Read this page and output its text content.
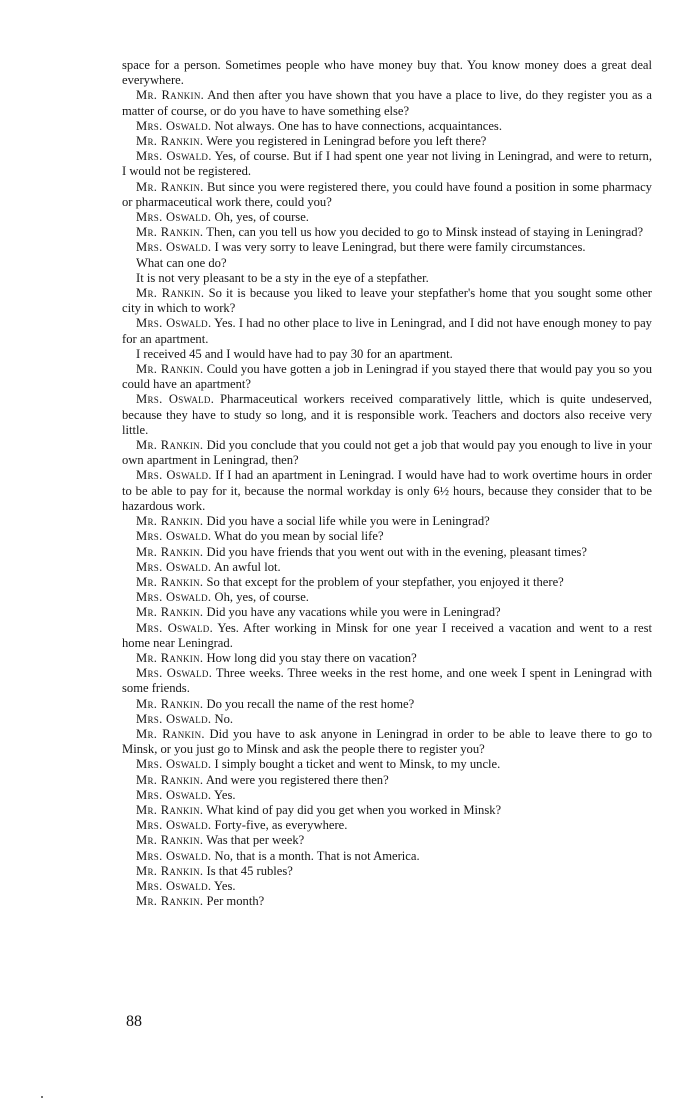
space for a person. Sometimes people who have money buy that. You know money does a great deal everywhere.

Mr. Rankin. And then after you have shown that you have a place to live, do they register you as a matter of course, or do you have to have something else?

Mrs. Oswald. Not always. One has to have connections, acquaintances.

Mr. Rankin. Were you registered in Leningrad before you left there?

Mrs. Oswald. Yes, of course. But if I had spent one year not living in Leningrad, and were to return, I would not be registered.

Mr. Rankin. But since you were registered there, you could have found a position in some pharmacy or pharmaceutical work there, could you?

Mrs. Oswald. Oh, yes, of course.

Mr. Rankin. Then, can you tell us how you decided to go to Minsk instead of staying in Leningrad?

Mrs. Oswald. I was very sorry to leave Leningrad, but there were family circumstances.

What can one do?

It is not very pleasant to be a sty in the eye of a stepfather.

Mr. Rankin. So it is because you liked to leave your stepfather's home that you sought some other city in which to work?

Mrs. Oswald. Yes. I had no other place to live in Leningrad, and I did not have enough money to pay for an apartment.

I received 45 and I would have had to pay 30 for an apartment.

Mr. Rankin. Could you have gotten a job in Leningrad if you stayed there that would pay you so you could have an apartment?

Mrs. Oswald. Pharmaceutical workers received comparatively little, which is quite undeserved, because they have to study so long, and it is responsible work. Teachers and doctors also receive very little.

Mr. Rankin. Did you conclude that you could not get a job that would pay you enough to live in your own apartment in Leningrad, then?

Mrs. Oswald. If I had an apartment in Leningrad. I would have had to work overtime hours in order to be able to pay for it, because the normal workday is only 6½ hours, because they consider that to be hazardous work.

Mr. Rankin. Did you have a social life while you were in Leningrad?

Mrs. Oswald. What do you mean by social life?

Mr. Rankin. Did you have friends that you went out with in the evening, pleasant times?

Mrs. Oswald. An awful lot.

Mr. Rankin. So that except for the problem of your stepfather, you enjoyed it there?

Mrs. Oswald. Oh, yes, of course.

Mr. Rankin. Did you have any vacations while you were in Leningrad?

Mrs. Oswald. Yes. After working in Minsk for one year I received a vacation and went to a rest home near Leningrad.

Mr. Rankin. How long did you stay there on vacation?

Mrs. Oswald. Three weeks. Three weeks in the rest home, and one week I spent in Leningrad with some friends.

Mr. Rankin. Do you recall the name of the rest home?

Mrs. Oswald. No.

Mr. Rankin. Did you have to ask anyone in Leningrad in order to be able to leave there to go to Minsk, or you just go to Minsk and ask the people there to register you?

Mrs. Oswald. I simply bought a ticket and went to Minsk, to my uncle.

Mr. Rankin. And were you registered there then?

Mrs. Oswald. Yes.

Mr. Rankin. What kind of pay did you get when you worked in Minsk?

Mrs. Oswald. Forty-five, as everywhere.

Mr. Rankin. Was that per week?

Mrs. Oswald. No, that is a month. That is not America.

Mr. Rankin. Is that 45 rubles?

Mrs. Oswald. Yes.

Mr. Rankin. Per month?

88
